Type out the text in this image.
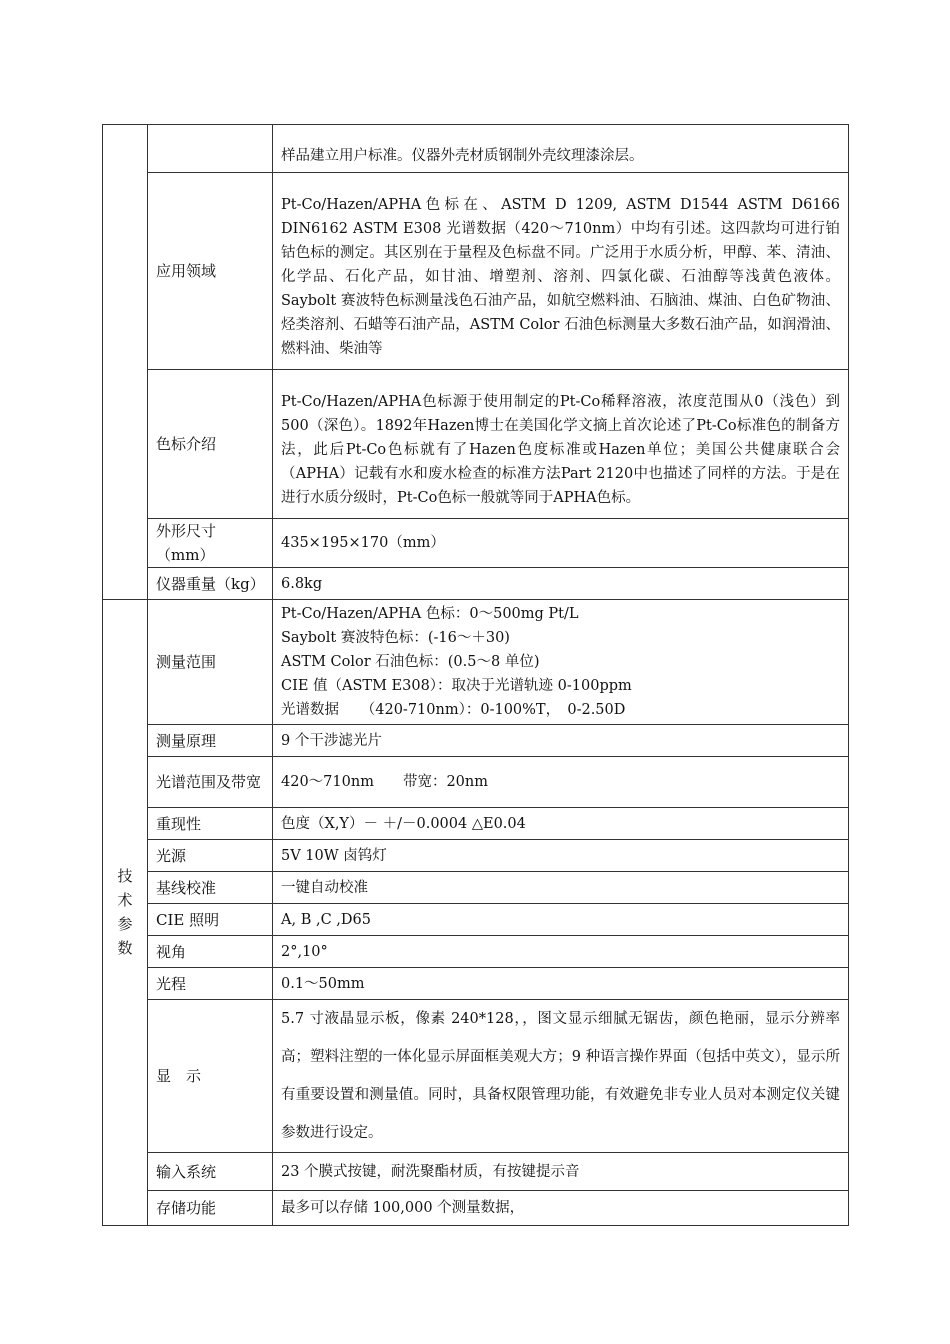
		样品建立用户标准。仪器外壳材质钢制外壳纹理漆涂层。
	应用领域	Pt-Co/Hazen/APHA色标在、ASTM D 1209, ASTM D1544 ASTM D6166 DIN6162 ASTM E308 光谱数据（420～710nm）中均有引述。这四款均可进行铂钴色标的测定。其区别在于量程及色标盘不同。广泛用于水质分析，甲醇、苯、清油、化学品、石化产品，如甘油、增塑剂、溶剂、四氯化碳、石油醇等浅黄色液体。Saybolt 赛波特色标测量浅色石油产品，如航空燃料油、石脑油、煤油、白色矿物油、烃类溶剂、石蜡等石油产品，ASTM Color 石油色标测量大多数石油产品，如润滑油、燃料油、柴油等
	色标介绍	Pt-Co/Hazen/APHA色标源于使用制定的Pt-Co稀释溶液，浓度范围从0（浅色）到500（深色）。1892年Hazen博士在美国化学文摘上首次论述了Pt-Co标准色的制备方法，此后Pt-Co色标就有了Hazen色度标准或Hazen单位；美国公共健康联合会（APHA）记载有水和废水检查的标准方法Part 2120中也描述了同样的方法。于是在进行水质分级时，Pt-Co色标一般就等同于APHA色标。
	外形尺寸（mm）	435×195×170（mm）
	仪器重量（kg）	6.8kg
技术参数	测量范围	Pt-Co/Hazen/APHA 色标：0～500mg Pt/L
Saybolt 赛波特色标：(-16～＋30)
ASTM Color 石油色标：(0.5～8 单位)
CIE 值（ASTM E308）：取决于光谱轨迹 0-100ppm
光谱数据　　（420-710nm）：0-100%T，　0-2.50D

	测量原理	9 个干涉滤光片
	光谱范围及带宽	420～710nm　　带宽：20nm
	重现性	色度（X,Y）－ ＋/－0.0004 △E0.04
	光源	5V 10W 卤钨灯
	基线校准	一键自动校准
	CIE 照明	A, B ,C ,D65
	视角	2°,10°
	光程	0.1～50mm
	显　示	5.7 寸液晶显示板，像素 240*128，，图文显示细腻无锯齿，颜色艳丽，显示分辨率高；塑料注塑的一体化显示屏面框美观大方；9 种语言操作界面（包括中英文），显示所有重要设置和测量值。同时，具备权限管理功能，有效避免非专业人员对本测定仪关键参数进行设定。
	输入系统	23 个膜式按键，耐洗聚酯材质，有按键提示音
	存储功能	最多可以存储 100,000 个测量数据，
